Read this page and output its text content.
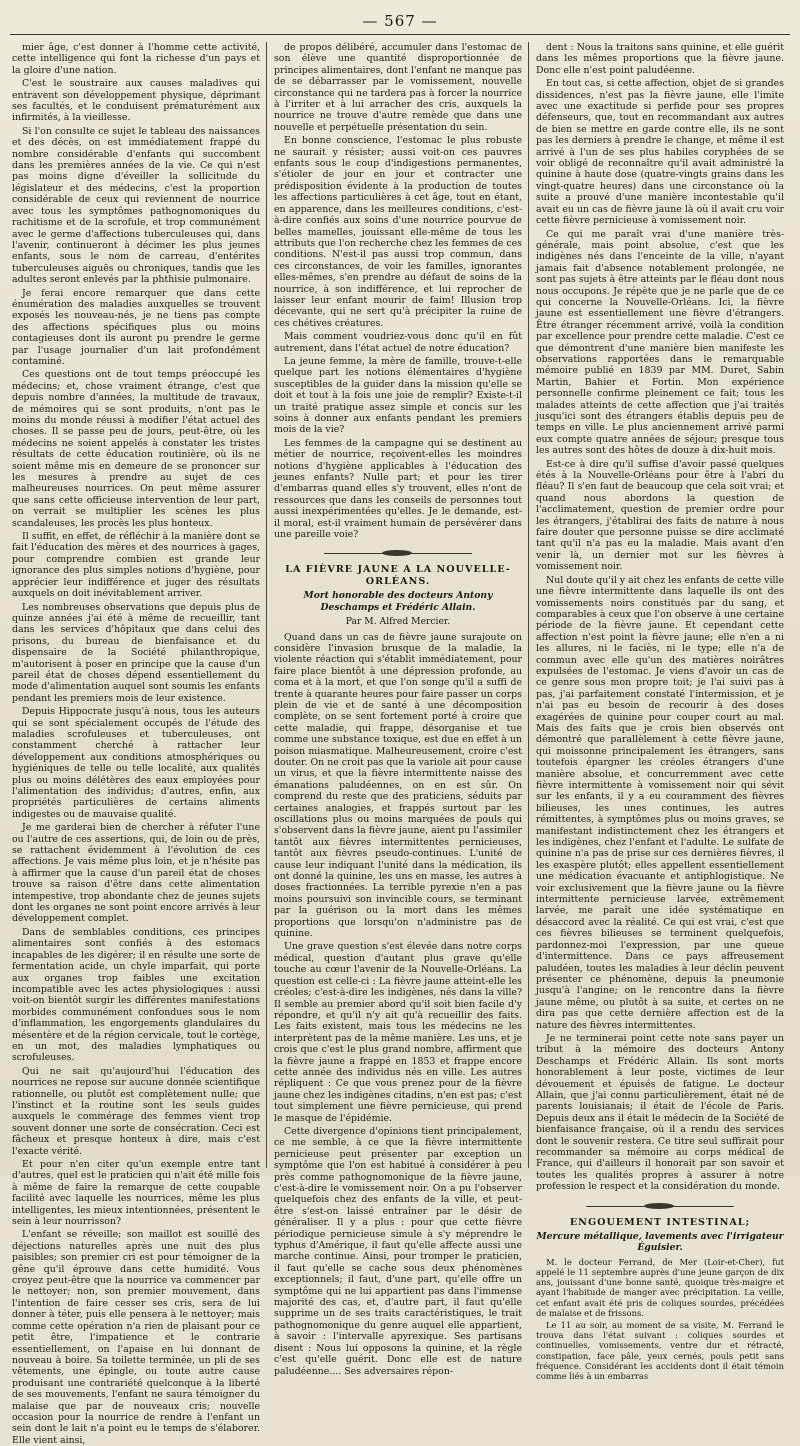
— 567 —

mier âge, c'est donner à l'homme cette activité, cette intelligence qui font la richesse d'un pays et la gloire d'une nation.

C'est le soustraire aux causes maladives qui entravent son développement physique, déprimant ses facultés, et le conduisent prématurément aux infirmités, à la vieillesse.

Si l'on consulte ce sujet le tableau des naissances et des décès, on est immédiatement frappé du nombre considérable d'enfants qui succombent dans les premières années de la vie. Ce qui n'est pas moins digne d'éveiller la sollicitude du législateur et des médecins, c'est la proportion considérable de ceux qui reviennent de nourrice avec tous les symptômes pathognomoniques du rachitisme et de la scrofule, et trop communément avec le germe d'affections tuberculeuses qui, dans l'avenir, continueront à décimer les plus jeunes enfants, sous le nom de carreau, d'entérites tuberculeuses aiguës ou chroniques, tandis que les adultes seront enlevés par la phthisie pulmonaire.

Je ferai encore remarquer que dans cette énumération des maladies auxquelles se trouvent exposés les nouveau-nés, je ne tiens pas compte des affections spécifiques plus ou moins contagieuses dont ils auront pu prendre le germe par l'usage journalier d'un lait profondément contaminé.

Ces questions ont de tout temps préoccupé les médecins; et, chose vraiment étrange, c'est que depuis nombre d'années, la multitude de travaux, de mémoires qui se sont produits, n'ont pas le moins du monde réussi à modifier l'état actuel des choses. Il se passe peu de jours, peut-être, où les médecins ne soient appelés à constater les tristes résultats de cette éducation routinière, où ils ne soient même mis en demeure de se prononcer sur les mesures à prendre au sujet de ces malheureuses nourrices. On peut même assurer que sans cette officieuse intervention de leur part, on verrait se multiplier les scènes les plus scandaleuses, les procès les plus honteux.

Il suffit, en effet, de réfléchir à la manière dont se fait l'éducation des mères et des nourrices à gages, pour comprendre combien est grande leur ignorance des plus simples notions d'hygiène, pour apprécier leur indifférence et juger des résultats auxquels on doit inévitablement arriver.

Les nombreuses observations que depuis plus de quinze années j'ai été à même de recueillir, tant dans les services d'hôpitaux que dans celui des prisons, du bureau de bienfaisance et du dispensaire de la Société philanthropique, m'autorisent à poser en principe que la cause d'un pareil état de choses dépend essentiellement du mode d'alimentation auquel sont soumis les enfants pendant les premiers mois de leur existence.

Depuis Hippocrate jusqu'à nous, tous les auteurs qui se sont spécialement occupés de l'étude des maladies scrofuleuses et tuberculeuses, ont constamment cherché à rattacher leur développement aux conditions atmosphériques ou hygiéniques de telle ou telle localité, aux qualités plus ou moins délétères des eaux employées pour l'alimentation des individus; d'autres, enfin, aux propriétés particulières de certains aliments indigestes ou de mauvaise qualité.

Je me garderai bien de chercher à réfuter l'une ou l'autre de ces assertions, qui, de loin ou de près, se rattachent évidemment à l'évolution de ces affections. Je vais même plus loin, et je n'hésite pas à affirmer que la cause d'un pareil état de choses trouve sa raison d'être dans cette alimentation intempestive, trop abondante chez de jeunes sujets dont les organes ne sont point encore arrivés à leur développement complet.

Dans de semblables conditions, ces principes alimentaires sont confiés à des estomacs incapables de les digérer; il en résulte une sorte de fermentation acide, un chyle imparfait, qui porte aux organes trop faibles une excitation incompatible avec les actes physiologiques : aussi voit-on bientôt surgir les différentes manifestations morbides communément confondues sous le nom d'inflammation, les engorgements glandulaires du mésentère et de la région cervicale, tout le cortège, en un mot, des maladies lymphatiques ou scrofuleuses.

Qui ne sait qu'aujourd'hui l'éducation des nourrices ne repose sur aucune donnée scientifique rationnelle, ou plutôt est complètement nulle; que l'instinct et la routine sont les seuls guides auxquels le commérage des femmes vient trop souvent donner une sorte de consécration. Ceci est fâcheux et presque honteux à dire, mais c'est l'exacte vérité.

Et pour n'en citer qu'un exemple entre tant d'autres, quel est le praticien qui n'ait été mille fois à même de faire la remarque de cette coupable facilité avec laquelle les nourrices, même les plus intelligentes, les mieux intentionnées, présentent le sein à leur nourrisson?

L'enfant se réveille; son maillot est souillé des déjections naturelles après une nuit des plus paisibles; son premier cri est pour témoigner de la gêne qu'il éprouve dans cette humidité. Vous croyez peut-être que la nourrice va commencer par le nettoyer; non, son premier mouvement, dans l'intention de faire cesser ses cris, sera de lui donner à téter, puis elle pensera à le nettoyer; mais comme cette opération n'a rien de plaisant pour ce petit être, l'impatience et le contrarie essentiellement, on l'apaise en lui donnant de nouveau à boire. Sa toilette terminée, un pli de ses vêtements, une épingle, ou toute autre cause produisant une contrariété quelconque à la liberté de ses mouvements, l'enfant ne saura témoigner du malaise que par de nouveaux cris; nouvelle occasion pour la nourrice de rendre à l'enfant un sein dont le lait n'a point eu le temps de s'élaborer. Elle vient ainsi,

de propos délibéré, accumuler dans l'estomac de son élève une quantité disproportionnée de principes alimentaires, dont l'enfant ne manque pas de se débarrasser par le vomissement, nouvelle circonstance qui ne tardera pas à forcer la nourrice à l'irriter et à lui arracher des cris, auxquels la nourrice ne trouve d'autre remède que dans une nouvelle et perpétuelle présentation du sein.

En bonne conscience, l'estomac le plus robuste ne saurait y résister; aussi voit-on ces pauvres enfants sous le coup d'indigestions permanentes, s'étioler de jour en jour et contracter une prédisposition évidente à la production de toutes les affections particulières à cet âge, tout en étant, en apparence, dans les meilleures conditions, c'est-à-dire confiés aux soins d'une nourrice pourvue de belles mamelles, jouissant elle-même de tous les attributs que l'on recherche chez les femmes de ces conditions. N'est-il pas aussi trop commun, dans ces circonstances, de voir les familles, ignorantes elles-mêmes, s'en prendre au défaut de soins de la nourrice, à son indifférence, et lui reprocher de laisser leur enfant mourir de faim! Illusion trop décevante, qui ne sert qu'à précipiter la ruine de ces chétives créatures.

Mais comment voudriez-vous donc qu'il en fût autrement, dans l'état actuel de notre éducation?

La jeune femme, la mère de famille, trouve-t-elle quelque part les notions élémentaires d'hygiène susceptibles de la guider dans la mission qu'elle se doit et tout à la fois une joie de remplir? Existe-t-il un traité pratique assez simple et concis sur les soins à donner aux enfants pendant les premiers mois de la vie?

Les femmes de la campagne qui se destinent au métier de nourrice, reçoivent-elles les moindres notions d'hygiène applicables à l'éducation des jeunes enfants? Nulle part; et pour les tirer d'embarras quand elles s'y trouvent, elles n'ont de ressources que dans les conseils de personnes tout aussi inexpérimentées qu'elles. Je le demande, est-il moral, est-il vraiment humain de persévérer dans une pareille voie?

LA FIÈVRE JAUNE A LA NOUVELLE-ORLÉANS.
Mort honorable des docteurs Antony Deschamps et Frédéric Allain.
Par M. Alfred Mercier.

Quand dans un cas de fièvre jaune surajoute on considère l'invasion brusque de la maladie, la violente réaction qui s'établit immédiatement, pour faire place bientôt à une dépression profonde, au coma et à la mort, et que l'on songe qu'il a suffi de trente à quarante heures pour faire passer un corps plein de vie et de santé à une décomposition complète, on se sent fortement porté à croire que cette maladie, qui frappe, désorganise et tue comme une substance toxique, est due en effet à un poison miasmatique. Malheureusement, croire c'est douter. On ne croit pas que la variole ait pour cause un virus, et que la fièvre intermittente naisse des émanations paludéennes, on en est sûr. On comprend du reste que des praticiens, séduits par certaines analogies, et frappés surtout par les oscillations plus ou moins marquées de pouls qui s'observent dans la fièvre jaune, aient pu l'assimiler tantôt aux fièvres intermittentes pernicieuses, tantôt aux fièvres pseudo-continues. L'unité de cause leur indiquant l'unité dans la médication, ils ont donné la quinine, les uns en masse, les autres à doses fractionnées. La terrible pyrexie n'en a pas moins poursuivi son invincible cours, se terminant par la guérison ou la mort dans les mêmes proportions que lorsqu'on n'administre pas de quinine.

Une grave question s'est élevée dans notre corps médical, question d'autant plus grave qu'elle touche au cœur l'avenir de la Nouvelle-Orléans. La question est celle-ci : La fièvre jaune atteint-elle les créoles; c'est-à-dire les indigènes, nés dans la ville? Il semble au premier abord qu'il soit bien facile d'y répondre, et qu'il n'y ait qu'à recueillir des faits. Les faits existent, mais tous les médecins ne les interprètent pas de la même manière. Les uns, et je crois que c'est le plus grand nombre, affirment que la fièvre jaune a frappé en 1853 et frappe encore cette année des individus nés en ville. Les autres répliquent : Ce que vous prenez pour de la fièvre jaune chez les indigènes citadins, n'en est pas; c'est tout simplement une fièvre pernicieuse, qui prend le masque de l'épidémie.

Cette divergence d'opinions tient principalement, ce me semble, à ce que la fièvre intermittente pernicieuse peut présenter par exception un symptôme que l'on est habitué à considérer à peu près comme pathognomonique de la fièvre jaune, c'est-à-dire le vomissement noir. On a pu l'observer quelquefois chez des enfants de la ville, et peut-être s'est-on laissé entraîner par le désir de généraliser. Il y a plus : pour que cette fièvre périodique pernicieuse simule à s'y méprendre le typhus d'Amérique, il faut qu'elle affecte aussi une marche continue. Ainsi, pour tromper le praticien, il faut qu'elle se cache sous deux phénomènes exceptionnels; il faut, d'une part, qu'elle offre un symptôme qui ne lui appartient pas dans l'immense majorité des cas, et, d'autre part, il faut qu'elle supprime un de ses traits caractéristiques, le trait pathognomonique du genre auquel elle appartient, à savoir : l'intervalle apyrexique. Ses partisans disent : Nous lui opposons la quinine, et la règle c'est qu'elle guérit. Donc elle est de nature paludéenne.... Ses adversaires répon-

dent : Nous la traitons sans quinine, et elle guérit dans les mêmes proportions que la fièvre jaune. Donc elle n'est point paludéenne.

En tout cas, si cette affection, objet de si grandes dissidences, n'est pas la fièvre jaune, elle l'imite avec une exactitude si perfide pour ses propres défenseurs, que, tout en recommandant aux autres de bien se mettre en garde contre elle, ils ne sont pas les derniers à prendre le change, et même il est arrivé à l'un de ses plus habiles coryphées de se voir obligé de reconnaître qu'il avait administré la quinine à haute dose (quatre-vingts grains dans les vingt-quatre heures) dans une circonstance où la suite a prouvé d'une manière incontestable qu'il avait eu un cas de fièvre jaune là où il avait cru voir cette fièvre pernicieuse à vomissement noir.

Ce qui me paraît vrai d'une manière très-générale, mais point absolue, c'est que les indigènes nés dans l'enceinte de la ville, n'ayant jamais fait d'absence notablement prolongée, ne sont pas sujets à être atteints par le fléau dont nous nous occupons. Je répète que je ne parle que de ce qui concerne la Nouvelle-Orléans. Ici, la fièvre jaune est essentiellement une fièvre d'étrangers. Être étranger récemment arrivé, voilà la condition par excellence pour prendre cette maladie. C'est ce que démontrent d'une manière bien manifeste les observations rapportées dans le remarquable mémoire publié en 1839 par MM. Duret, Sabin Martin, Bahier et Fortin. Mon expérience personnelle confirme pleinement ce fait; tous les malades atteints de cette affection que j'ai traités jusqu'ici sont des étrangers établis depuis peu de temps en ville. Le plus anciennement arrivé parmi eux compte quatre années de séjour; presque tous les autres sont des hôtes de douze à dix-huit mois.

Est-ce à dire qu'il suffise d'avoir passé quelques étés à la Nouvelle-Orléans pour être à l'abri du fléau? Il s'en faut de beaucoup que cela soit vrai; et quand nous abordons la question de l'acclimatement, question de premier ordre pour les étrangers, j'établirai des faits de nature à nous faire douter que personne puisse se dire acclimaté tant qu'il n'a pas eu la maladie. Mais avant d'en venir là, un dernier mot sur les fièvres à vomissement noir.

Nul doute qu'il y ait chez les enfants de cette ville une fièvre intermittente dans laquelle ils ont des vomissements noirs constitués par du sang, et comparables à ceux que l'on observe à une certaine période de la fièvre jaune. Et cependant cette affection n'est point la fièvre jaune; elle n'en a ni les allures, ni le faciès, ni le type; elle n'a de commun avec elle qu'un des matières noirâtres expulsées de l'estomac. Je viens d'avoir un cas de ce genre sous mon propre toit; je l'ai suivi pas à pas, j'ai parfaitement constaté l'intermission, et je n'ai pas eu besoin de recourir à des doses exagérées de quinine pour couper court au mal. Mais des faits que je crois bien observés ont démontré que parallèlement à cette fièvre jaune, qui moissonne principalement les étrangers, sans toutefois épargner les créoles étrangers d'une manière absolue, et concurremment avec cette fièvre intermittente à vomissement noir qui sévit sur les enfants, il y a eu couramment des fièvres bilieuses, les unes continues, les autres rémittentes, à symptômes plus ou moins graves, se manifestant indistinctement chez les étrangers et les indigènes, chez l'enfant et l'adulte. Le sulfate de quinine n'a pas de prise sur ces dernières fièvres, il les exaspère plutôt; elles appellent essentiellement une médication évacuante et antiphlogistique. Ne voir exclusivement que la fièvre jaune ou la fièvre intermittente pernicieuse larvée, extrêmement larvée, me paraît une idée systématique en désaccord avec la réalité. Ce qui est vrai, c'est que ces fièvres bilieuses se terminent quelquefois, pardonnez-moi l'expression, par une queue d'intermittence. Dans ce pays affreusement paludéen, toutes les maladies à leur déclin peuvent présenter ce phénomène, depuis la pneumonie jusqu'à l'angine; on le rencontre dans la fièvre jaune même, ou plutôt à sa suite, et certes on ne dira pas que cette dernière affection est de la nature des fièvres intermittentes.

Je ne terminerai point cette note sans payer un tribut à la mémoire des docteurs Antony Deschamps et Frédéric Allain. Ils sont morts honorablement à leur poste, victimes de leur dévouement et épuisés de fatigue. Le docteur Allain, que j'ai connu particulièrement, était né de parents louisianais; il était de l'école de Paris. Depuis deux ans il était le médecin de la Société de bienfaisance française, où il a rendu des services dont le souvenir restera. Ce titre seul suffirait pour recommander sa mémoire au corps médical de France, qui d'ailleurs il honorait par son savoir et toutes les qualités propres à assurer à notre profession le respect et la considération du monde.

ENGOUEMENT INTESTINAL;
Mercure métallique, lavements avec l'irrigateur Éguisier.

M. le docteur Ferrand, de Mer (Loir-et-Cher), fut appelé le 11 septembre auprès d'une jeune garçon de dix ans, jouissant d'une bonne santé, quoique très-maigre et ayant l'habitude de manger avec précipitation. La veille, cet enfant avait été pris de coliques sourdes, précédées de malaise et de frissons.

Le 11 au soir, au moment de sa visite, M. Ferrand le trouva dans l'état suivant : coliques sourdes et continuelles, vomissements, ventre dur et rétracté, constipation, face pâle, yeux cernés, pouls petit sans fréquence. Considérant les accidents dont il était témoin comme liés à un embarras
